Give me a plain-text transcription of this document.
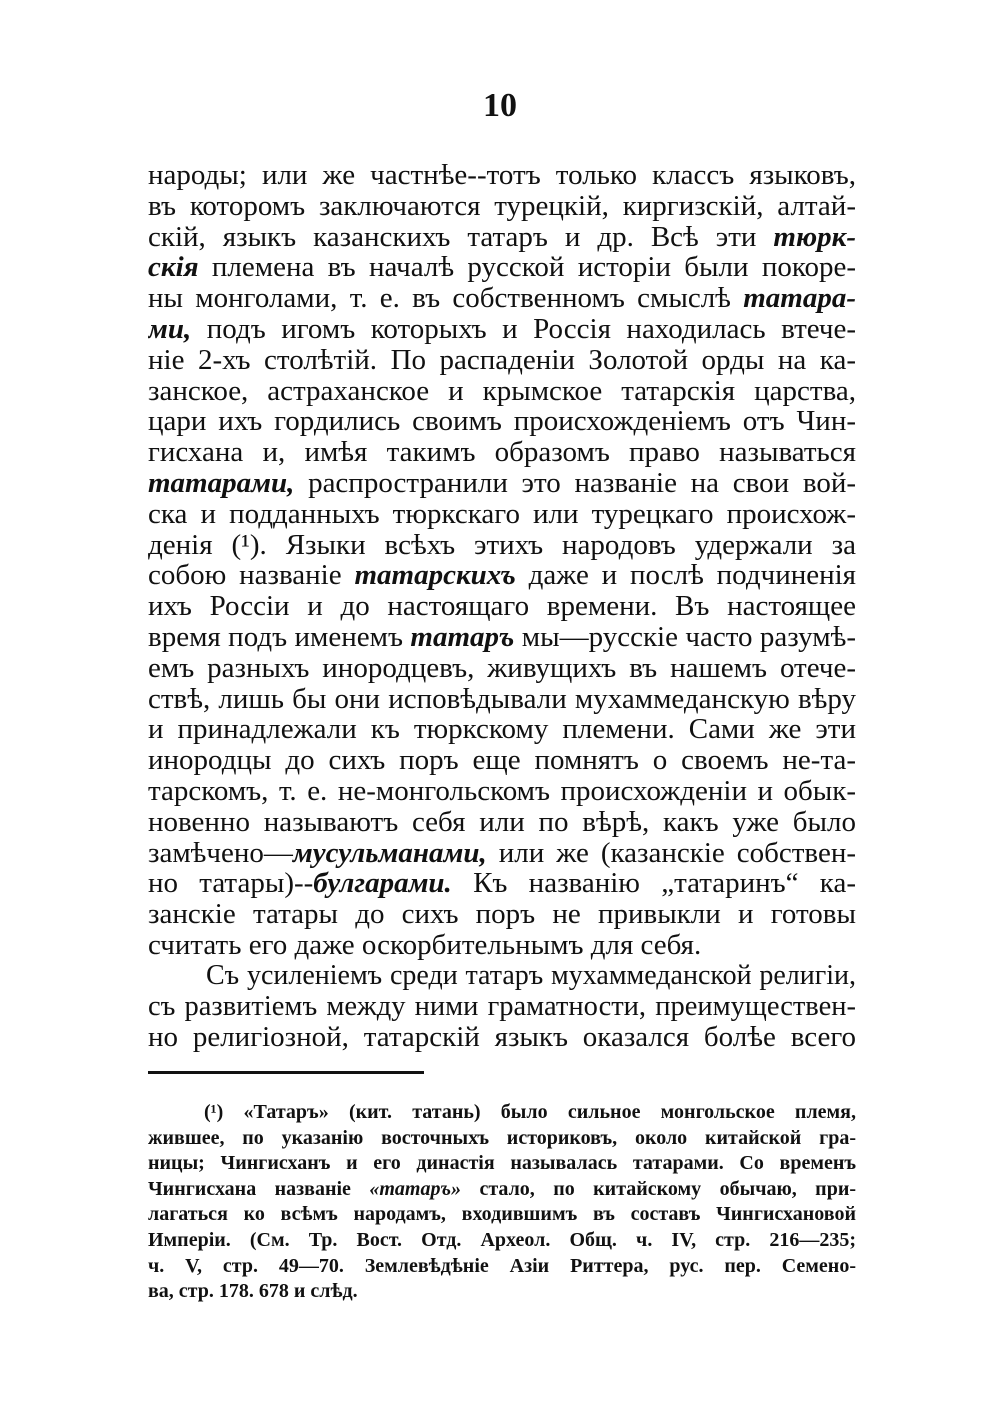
10
народы; или же частнѣе--тотъ только классъ языковъ,
въ которомъ заключаются турецкій, киргизскій, алтай-
скій, языкъ казанскихъ татаръ и др. Всѣ эти тюрк-
скія племена въ началѣ русской исторіи были покоре-
ны монголами, т. е. въ собственномъ смыслѣ татара-
ми, подъ игомъ которыхъ и Россія находилась втече-
ніе 2-хъ столѣтій. По распаденіи Золотой орды на ка-
занское, астраханское и крымское татарскія царства,
цари ихъ гордились своимъ происхожденіемъ отъ Чин-
гисхана и, имѣя такимъ образомъ право называться
татарами, распространили это названіе на свои вой-
ска и подданныхъ тюркскаго или турецкаго происхож-
денія (¹). Языки всѣхъ этихъ народовъ удержали за
собою названіе татарскихъ даже и послѣ подчиненія
ихъ Россіи и до настоящаго времени. Въ настоящее
время подъ именемъ татаръ мы—русскіе часто разумѣ-
емъ разныхъ инородцевъ, живущихъ въ нашемъ отече-
ствѣ, лишь бы они исповѣдывали мухаммеданскую вѣру
и принадлежали къ тюркскому племени. Сами же эти
инородцы до сихъ поръ еще помнятъ о своемъ не-та-
тарскомъ, т. е. не-монгольскомъ происхожденіи и обык-
новенно называютъ себя или по вѣрѣ, какъ уже было
замѣчено—мусульманами, или же (казанскіе собствен-
но татары)--булгарами. Къ названію „татаринъ“ ка-
занскіе татары до сихъ поръ не привыкли и готовы
считать его даже оскорбительнымъ для себя.
Съ усиленіемъ среди татаръ мухаммеданской религіи,
съ развитіемъ между ними граматности, преимуществен-
но религіозной, татарскій языкъ оказался болѣе всего
(¹) «Татаръ» (кит. татань) было сильное монгольское племя,
жившее, по указанію восточныхъ историковъ, около китайской гра-
ницы; Чингисханъ и его династія называлась татарами. Со временъ
Чингисхана названіе «татаръ» стало, по китайскому обычаю, при-
лагаться ко всѣмъ народамъ, входившимъ въ составъ Чингисхановой
Имперіи. (См. Тр. Вост. Отд. Археол. Общ. ч. IV, стр. 216—235;
ч. V, стр. 49—70. Землевѣдѣніе Азіи Риттера, рус. пер. Семено-
ва, стр. 178. 678 и слѣд.
